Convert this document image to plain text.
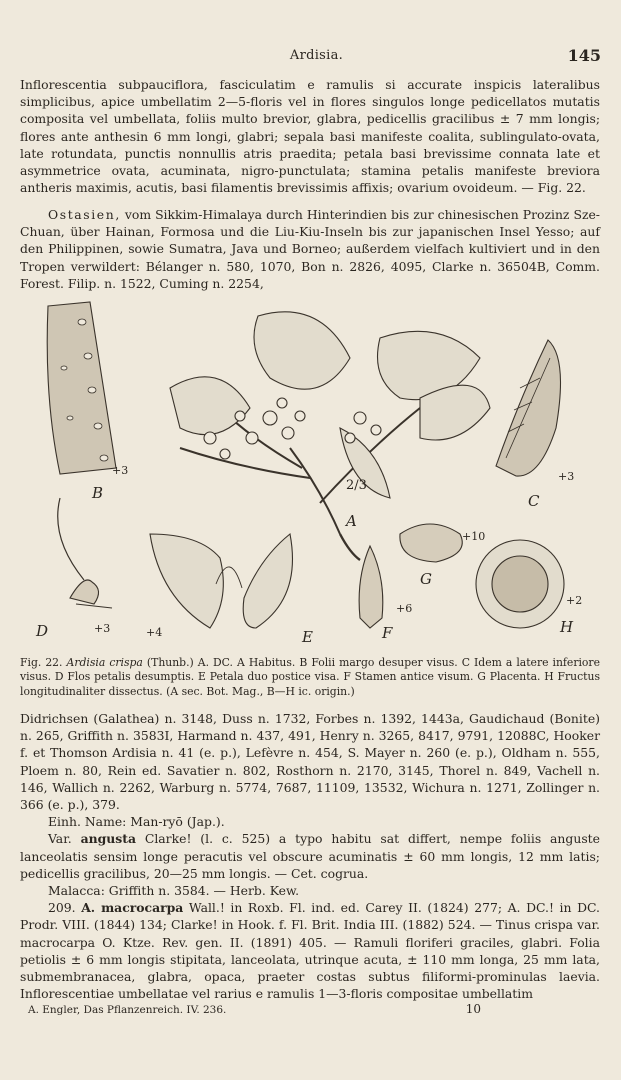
Ardisia.	145

Inflorescentia subpauciflora, fasciculatim e ramulis si accurate inspicis lateralibus simplicibus, apice umbellatim 2—5-floris vel in flores singulos longe pedicellatos mutatis composita vel umbellata, foliis multo brevior, glabra, pedicellis gracilibus ± 7 mm longis; flores ante anthesin 6 mm longi, glabri; sepala basi manifeste coalita, sublingulato-ovata, late rotundata, punctis nonnullis atris praedita; petala basi brevissime connata late et asymmetrice ovata, acuminata, nigro-punctulata; stamina petalis manifeste breviora antheris maximis, acutis, basi filamentis brevissimis affixis; ovarium ovoideum. — Fig. 22.

Ostasien, vom Sikkim-Himalaya durch Hinterindien bis zur chinesischen Prozinz Sze-Chuan, über Hainan, Formosa und die Liu-Kiu-Inseln bis zur japanischen Insel Yesso; auf den Philippinen, sowie Sumatra, Java und Borneo; außerdem vielfach kultiviert und in den Tropen verwildert: Bélanger n. 580, 1070, Bon n. 2826, 4095, Clarke n. 36504B, Comm. Forest. Filip. n. 1522, Cuming n. 2254,

B
+3
C
+3
2/3
A
+10
G
D	+3	+4	E
+6
F
+2
H

Fig. 22. Ardisia crispa (Thunb.) A. DC. A Habitus. B Folii margo desuper visus. C Idem a latere inferiore visus. D Flos petalis desumptis. E Petala duo postice visa. F Stamen antice visum. G Placenta. H Fructus longitudinaliter dissectus. (A sec. Bot. Mag., B—H ic. origin.)

Didrichsen (Galathea) n. 3148, Duss n. 1732, Forbes n. 1392, 1443a, Gaudichaud (Bonite) n. 265, Griffith n. 3583I, Harmand n. 437, 491, Henry n. 3265, 8417, 9791, 12088C, Hooker f. et Thomson Ardisia n. 41 (e. p.), Lefèvre n. 454, S. Mayer n. 260 (e. p.), Oldham n. 555, Ploem n. 80, Rein ed. Savatier n. 802, Rosthorn n. 2170, 3145, Thorel n. 849, Vachell n. 146, Wallich n. 2262, Warburg n. 5774, 7687, 11109, 13532, Wichura n. 1271, Zollinger n. 366 (e. p.), 379.

Einh. Name: Man-ryō (Jap.).

Var. angusta Clarke! (l. c. 525) a typo habitu sat differt, nempe foliis anguste lanceolatis sensim longe peracutis vel obscure acuminatis ± 60 mm longis, 12 mm latis; pedicellis gracilibus, 20—25 mm longis. — Cet. cogrua.

Malacca: Griffith n. 3584. — Herb. Kew.

209. A. macrocarpa Wall.! in Roxb. Fl. ind. ed. Carey II. (1824) 277; A. DC.! in DC. Prodr. VIII. (1844) 134; Clarke! in Hook. f. Fl. Brit. India III. (1882) 524. — Tinus crispa var. macrocarpa O. Ktze. Rev. gen. II. (1891) 405. — Ramuli floriferi graciles, glabri. Folia petiolis ± 6 mm longis stipitata, lanceolata, utrinque acuta, ± 110 mm longa, 25 mm lata, submembranacea, glabra, opaca, praeter costas subtus filiformi-prominulas laevia. Inflorescentiae umbellatae vel rarius e ramulis 1—3-floris compositae umbellatim

A. Engler, Das Pflanzenreich. IV. 236.	10
